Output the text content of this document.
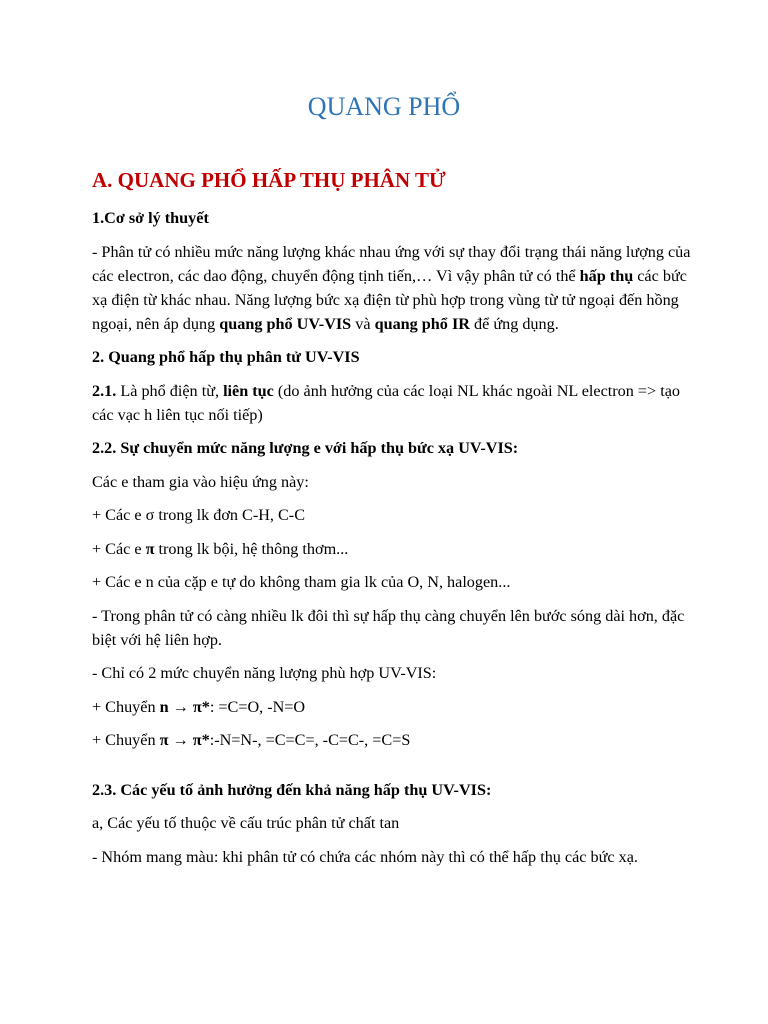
QUANG PHỔ
A. QUANG PHỔ HẤP THỤ PHÂN TỬ

1.Cơ sở lý thuyết

- Phân tử có nhiều mức năng lượng khác nhau ứng với sự thay đổi trạng thái năng lượng của các electron, các dao động, chuyển động tịnh tiến,… Vì vậy phân tử có thể hấp thụ các bức xạ điện từ khác nhau. Năng lượng bức xạ điện từ phù hợp trong vùng từ tử ngoại đến hồng ngoại, nên áp dụng quang phổ UV-VIS và quang phổ IR để ứng dụng.

2. Quang phổ hấp thụ phân tử UV-VIS

2.1. Là phổ điện từ, liên tục (do ảnh hưởng của các loại NL khác ngoài NL electron => tạo các vạc h liên tục nối tiếp)

2.2. Sự chuyển mức năng lượng e với hấp thụ bức xạ UV-VIS:

Các e tham gia vào hiệu ứng này:

+ Các e σ trong lk đơn C-H, C-C

+ Các e π trong lk bội, hệ thông thơm...

+ Các e n của cặp e tự do không tham gia lk của O, N, halogen...

- Trong phân tử có càng nhiều lk đôi thì sự hấp thụ càng chuyển lên bước sóng dài hơn, đặc biệt với hệ liên hợp.

- Chỉ có 2 mức chuyển năng lượng phù hợp UV-VIS:

+ Chuyển n → π*: =C=O, -N=O

+ Chuyển π → π*:-N=N-, =C=C=, -C=C-, =C=S

2.3. Các yếu tố ảnh hưởng đến khả năng hấp thụ UV-VIS:

a, Các yếu tố thuộc về cấu trúc phân tử chất tan

- Nhóm mang màu: khi phân tử có chứa các nhóm này thì có thể hấp thụ các bức xạ.
